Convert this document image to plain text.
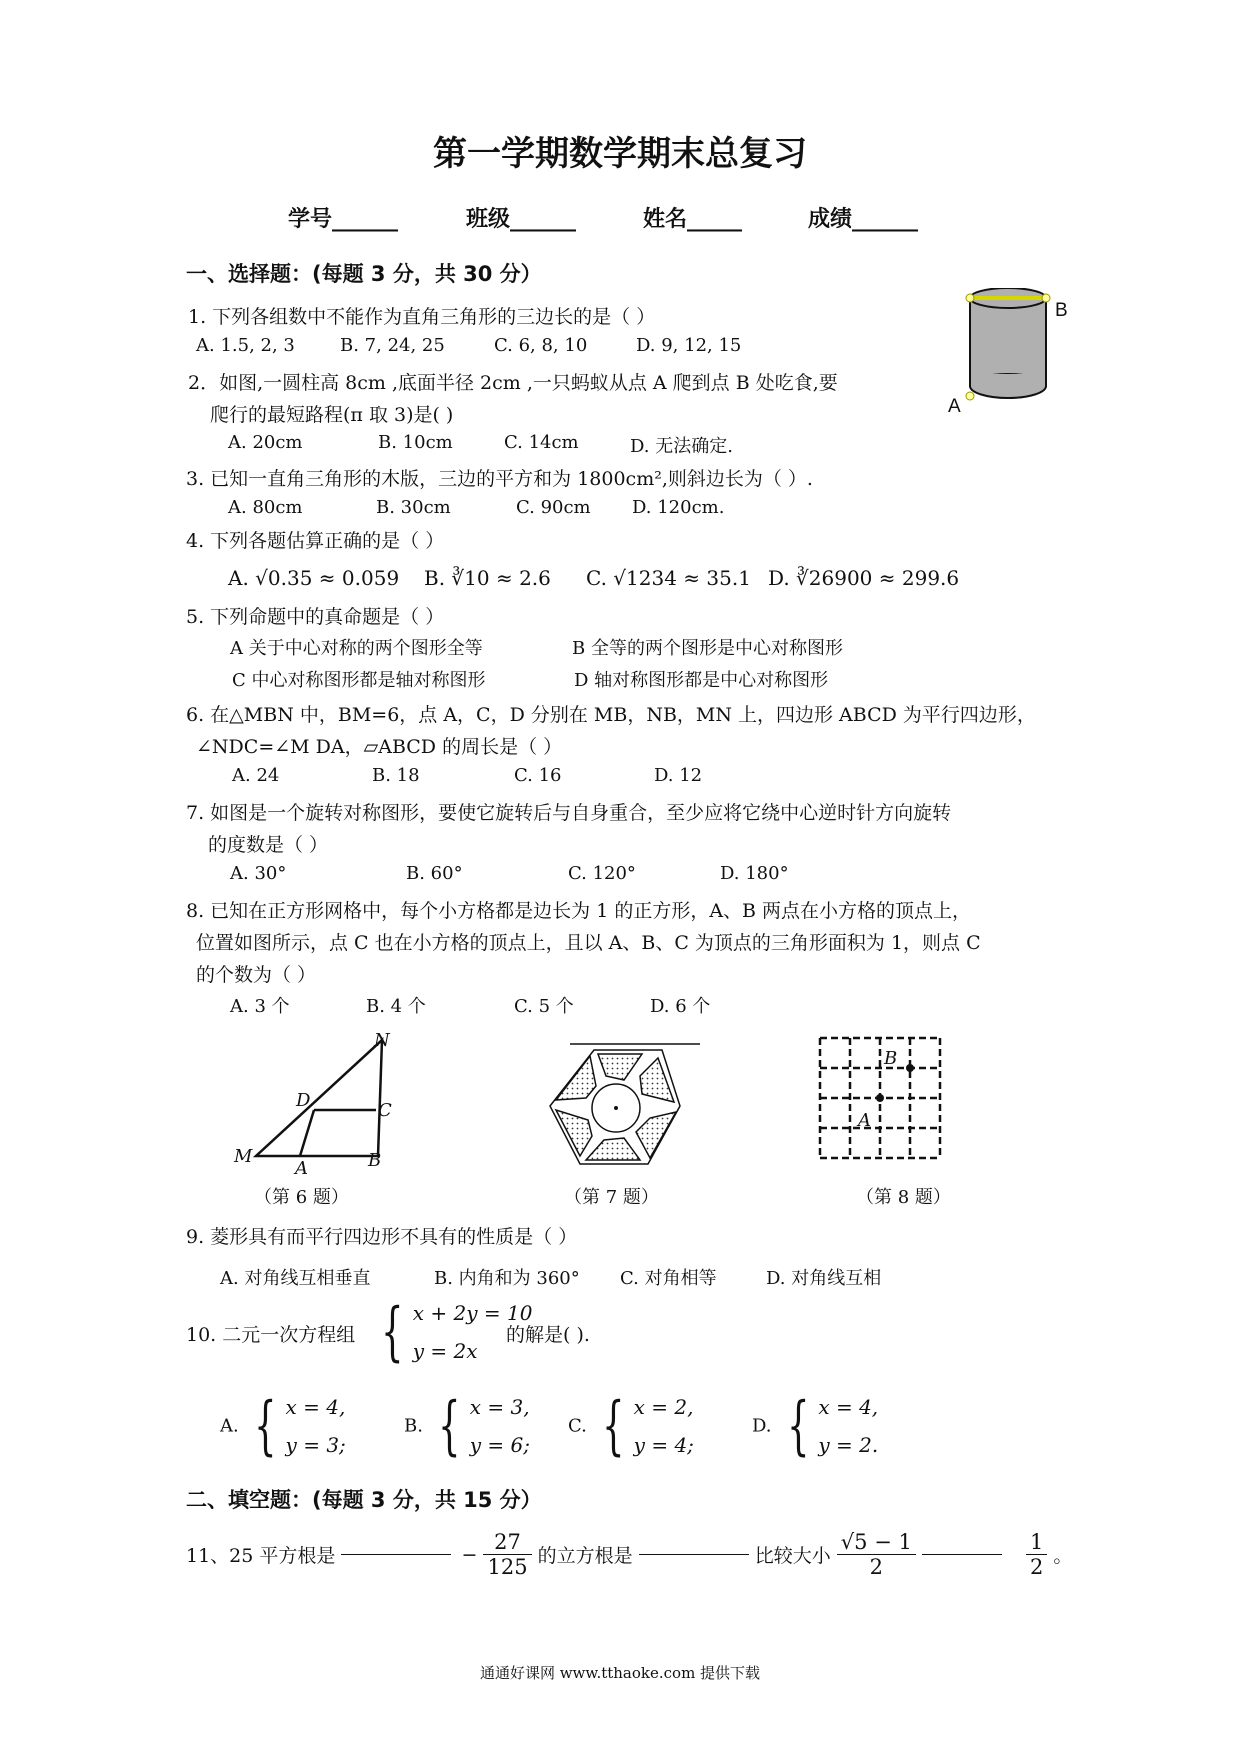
第一学期数学期末总复习
学号______	班级______	姓名_____	成绩______
一、选择题：(每题 3 分，共 30 分）
1. 下列各组数中不能作为直角三角形的三边长的是（ ）
A. 1.5, 2, 3	B. 7, 24, 25	C. 6, 8, 10	D. 9, 12, 15
B
A
2．如图,一圆柱高 8cm ,底面半径 2cm ,一只蚂蚁从点 A 爬到点 B 处吃食,要
爬行的最短路程(π 取 3)是( )
A. 20cm	B. 10cm	C. 14cm	D. 无法确定.
3. 已知一直角三角形的木版，三边的平方和为 1800cm²,则斜边长为（ ）.
A. 80cm	B. 30cm	C. 90cm D. 120cm.
4. 下列各题估算正确的是（ ）
A. √0.35 ≈ 0.059 B. ∛10 ≈ 2.6 C. √1234 ≈ 35.1 D. ∛26900 ≈ 299.6
5. 下列命题中的真命题是（ ）
A 关于中心对称的两个图形全等	B 全等的两个图形是中心对称图形
C 中心对称图形都是轴对称图形	D 轴对称图形都是中心对称图形
6. 在△MBN 中，BM=6，点 A，C，D 分别在 MB，NB，MN 上，四边形 ABCD 为平行四边形，
∠NDC=∠M DA，▱ABCD 的周长是（ ）
A. 24	B. 18	C. 16	D. 12
7. 如图是一个旋转对称图形，要使它旋转后与自身重合，至少应将它绕中心逆时针方向旋转
的度数是（ ）
A. 30°	B. 60°	C. 120°	D. 180°
8. 已知在正方形网格中，每个小方格都是边长为 1 的正方形，A、B 两点在小方格的顶点上，
位置如图所示，点 C 也在小方格的顶点上，且以 A、B、C 为顶点的三角形面积为 1，则点 C
的个数为（ ）
A. 3 个	B. 4 个	C. 5 个	D. 6 个
M
A	B
C
D
N
（第 6 题）	（第 7 题）
B
A
（第 8 题）
9. 菱形具有而平行四边形不具有的性质是（ ）
A. 对角线互相垂直	B. 内角和为 360° C. 对角相等	D. 对角线互相
10. 二元一次方程组 { x + 2y = 10
y = 2x
的解是( ).
A. { x = 4,
y = 3;
B. { x = 3,
y = 6;
C. { x = 2,
y = 4;
D. { x = 4,
y = 2.
二、填空题：(每题 3 分，共 15 分）
11、25 平方根是	− $\frac{27}{125}$ 的立方根是	比较大小 $\frac{√5 - 1}{2}$
	$\frac{1}{2}$ 。
通通好课网 www.tthaoke.com 提供下载
